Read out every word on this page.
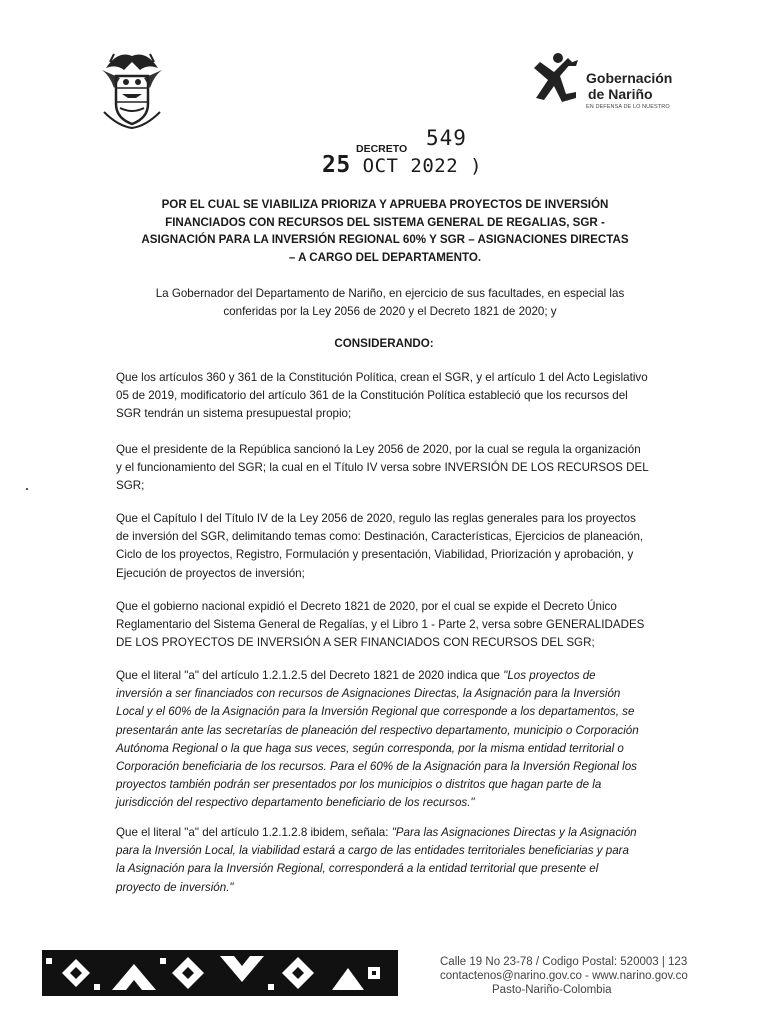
Gobernación
de Nariño
EN DEFENSA DE LO NUESTRO
DECRETO 549
25 OCT 2022 )
POR EL CUAL SE VIABILIZA PRIORIZA Y APRUEBA PROYECTOS DE INVERSIÓN
FINANCIADOS CON RECURSOS DEL SISTEMA GENERAL DE REGALIAS, SGR -
ASIGNACIÓN PARA LA INVERSIÓN REGIONAL 60% Y SGR – ASIGNACIONES DIRECTAS
– A CARGO DEL DEPARTAMENTO.
La Gobernador del Departamento de Nariño, en ejercicio de sus facultades, en especial las
conferidas por la Ley 2056 de 2020 y el Decreto 1821 de 2020; y
CONSIDERANDO:
Que los artículos 360 y 361 de la Constitución Política, crean el SGR, y el artículo 1 del Acto Legislativo
05 de 2019, modificatorio del artículo 361 de la Constitución Política estableció que los recursos del
SGR tendrán un sistema presupuestal propio;
Que el presidente de la República sancionó la Ley 2056 de 2020, por la cual se regula la organización
y el funcionamiento del SGR; la cual en el Título IV versa sobre INVERSIÓN DE LOS RECURSOS DEL
SGR;
Que el Capítulo I del Título IV de la Ley 2056 de 2020, regulo las reglas generales para los proyectos
de inversión del SGR, delimitando temas como: Destinación, Características, Ejercicios de planeación,
Ciclo de los proyectos, Registro, Formulación y presentación, Viabilidad, Priorización y aprobación, y
Ejecución de proyectos de inversión;
Que el gobierno nacional expidió el Decreto 1821 de 2020, por el cual se expide el Decreto Único
Reglamentario del Sistema General de Regalías, y el Libro 1 - Parte 2, versa sobre GENERALIDADES
DE LOS PROYECTOS DE INVERSIÓN A SER FINANCIADOS CON RECURSOS DEL SGR;
Que el literal "a" del artículo 1.2.1.2.5 del Decreto 1821 de 2020 indica que "Los proyectos de
inversión a ser financiados con recursos de Asignaciones Directas, la Asignación para la Inversión
Local y el 60% de la Asignación para la Inversión Regional que corresponde a los departamentos, se
presentarán ante las secretarías de planeación del respectivo departamento, municipio o Corporación
Autónoma Regional o la que haga sus veces, según corresponda, por la misma entidad territorial o
Corporación beneficiaria de los recursos. Para el 60% de la Asignación para la Inversión Regional los
proyectos también podrán ser presentados por los municipios o distritos que hagan parte de la
jurisdicción del respectivo departamento beneficiario de los recursos."
Que el literal "a" del artículo 1.2.1.2.8 ibidem, señala: "Para las Asignaciones Directas y la Asignación
para la Inversión Local, la viabilidad estará a cargo de las entidades territoriales beneficiarias y para
la Asignación para la Inversión Regional, corresponderá a la entidad territorial que presente el
proyecto de inversión."
Calle 19 No 23-78 / Codigo Postal: 520003 | 123
contactenos@narino.gov.co - www.narino.gov.co
Pasto-Nariño-Colombia
